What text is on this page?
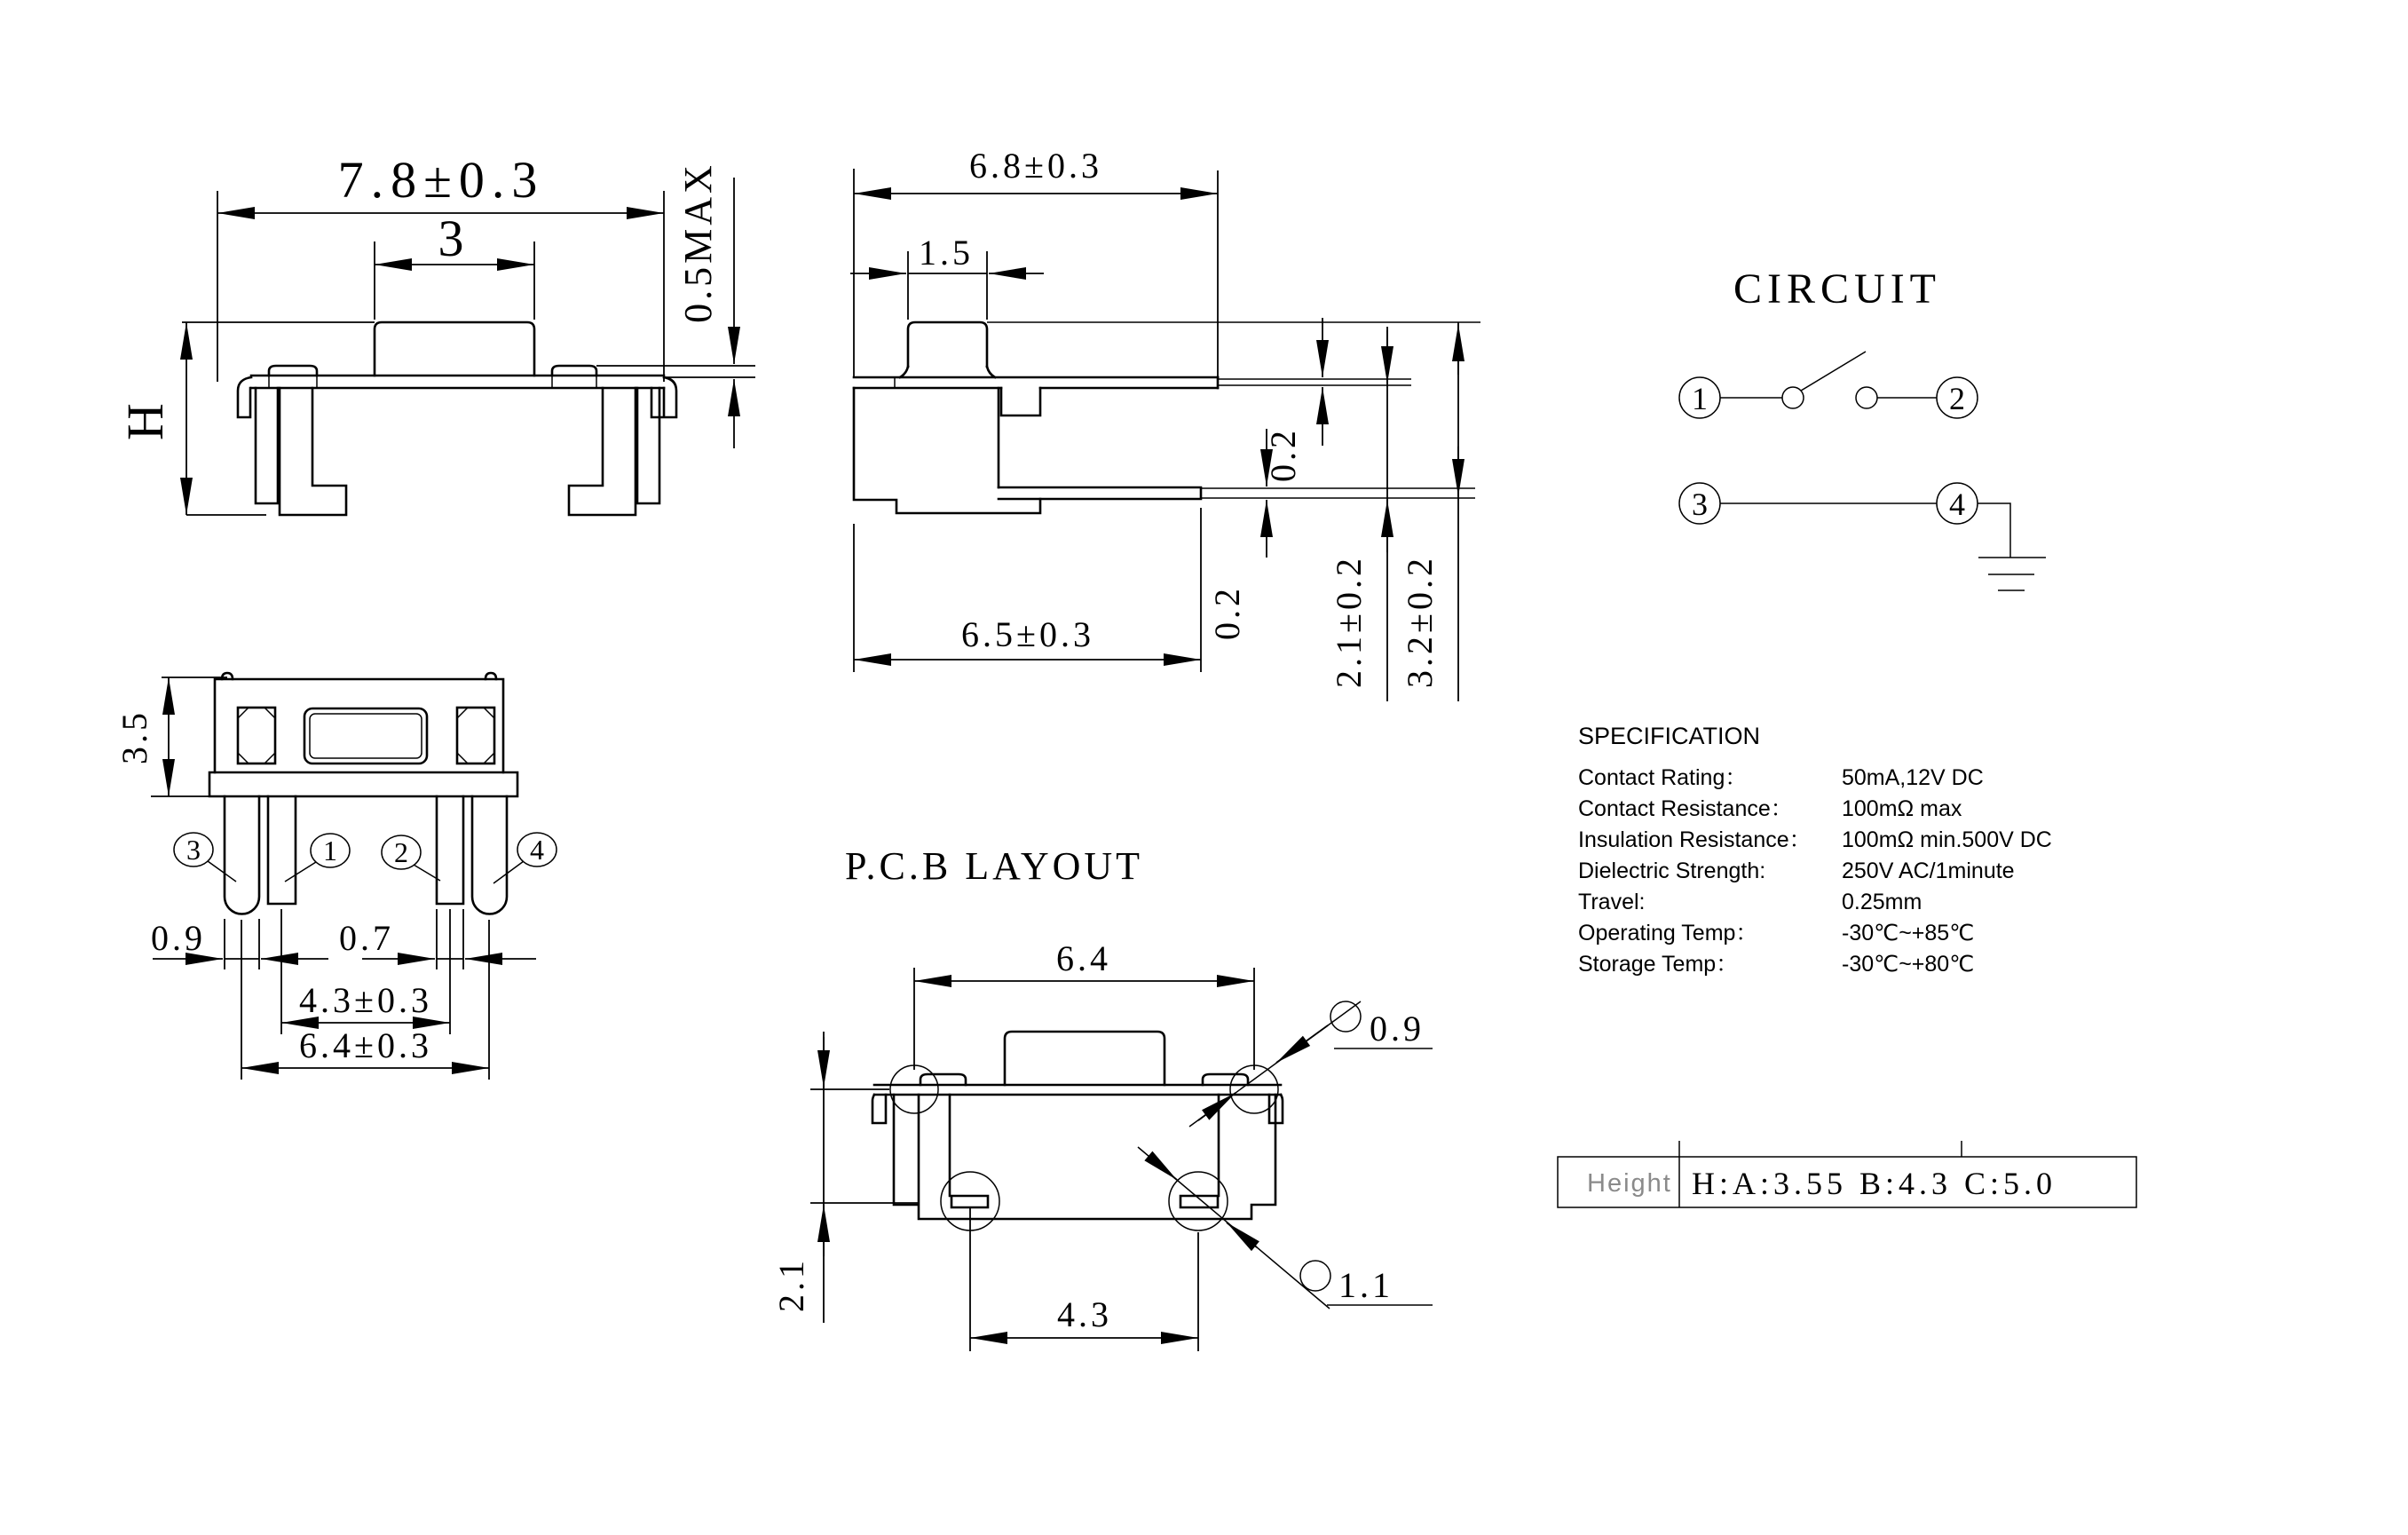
H
7.8±0.3
3	0.5MAX	6.8±0.3
1.5
6.5±0.3
0.2
0.2 2.1±0.2 3.2±0.2
3	1 2	4
3.5
0.9	0.7
4.3±0.3
6.4±0.3
P.C.B LAYOUT
6.4
4.3
2.1
0.9
1.1
CIRCUIT
1	2
3	4
SPECIFICATION
Contact Rating：	50mA,12V DC
Contact Resistance： 100mΩ max
Insulation Resistance： 100mΩ min.500V DC
Dielectric Strength:	250V AC/1minute
Travel:	0.25mm
Operating Temp：	-30℃~+85℃
Storage Temp：	-30℃~+80℃
Height H:A:3.55 B:4.3 C:5.0
